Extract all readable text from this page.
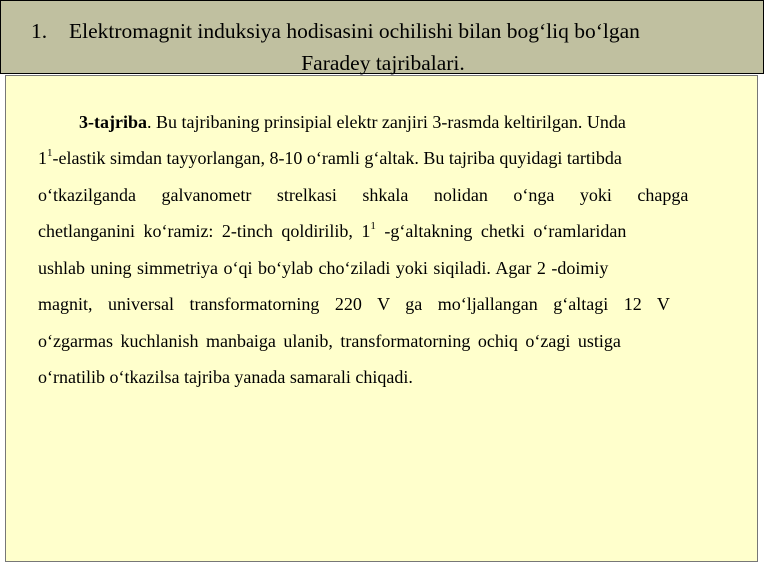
1. Elektromagnit induksiya hodisasini ochilishi bilan bog‘liq bo‘lgan
Faradey tajribalari.
3-tajriba. Bu tajribaning prinsipial elektr zanjiri 3-rasmda keltirilgan. Unda
$1^1$-elastik simdan tayyorlangan, 8-10 o‘ramli g‘altak. Bu tajriba quyidagi tartibda
o‘tkazilganda galvanometr strelkasi shkala nolidan o‘nga yoki chapga
chetlanganini ko‘ramiz: 2-tinch qoldirilib, $1^1$ -g‘altakning chetki o‘ramlaridan
ushlab uning simmetriya o‘qi bo‘ylab cho‘ziladi yoki siqiladi. Agar 2 -doimiy
magnit, universal transformatorning 220 V ga mo‘ljallangan g‘altagi 12 V
o‘zgarmas kuchlanish manbaiga ulanib, transformatorning ochiq o‘zagi ustiga
o‘rnatilib o‘tkazilsa tajriba yanada samarali chiqadi.
